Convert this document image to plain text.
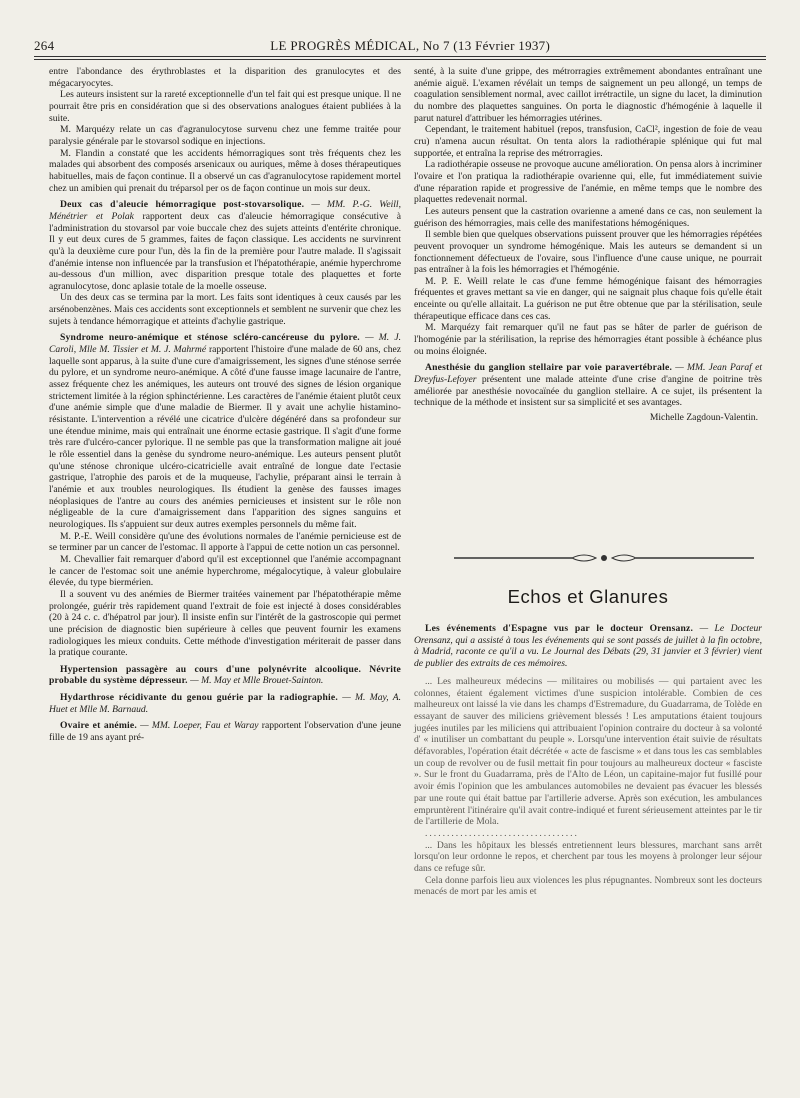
264	LE PROGRÈS MÉDICAL, No 7 (13 Février 1937)

entre l'abondance des érythroblastes et la disparition des granulocytes et des mégacaryocytes.

Les auteurs insistent sur la rareté exceptionnelle d'un tel fait qui est presque unique. Il ne pourrait être pris en considération que si des observations analogues étaient publiées à la suite.

M. Marquézy relate un cas d'agranulocytose survenu chez une femme traitée pour paralysie générale par le stovarsol sodique en injections.

M. Flandin a constaté que les accidents hémorragiques sont très fréquents chez les malades qui absorbent des composés arsenicaux ou auriques, même à doses thérapeutiques habituelles, mais de façon continue. Il a observé un cas d'agranulocytose rapidement mortel chez un amibien qui prenait du tréparsol per os de façon continue un mois sur deux.

Deux cas d'aleucie hémorragique post-stovarsolique. — MM. P.-G. Weill, Ménétrier et Polak rapportent deux cas d'aleucie hémorragique consécutive à l'administration du stovarsol par voie buccale chez des sujets atteints d'entérite chronique. Il y eut deux cures de 5 grammes, faites de façon classique. Les accidents ne survinrent qu'à la deuxième cure pour l'un, dès la fin de la première pour l'autre malade. Il s'agissait d'anémie intense non influencée par la transfusion et l'hépatothérapie, anémie hyperchrome au-dessous d'un million, avec disparition presque totale des plaquettes et forte agranulocytose, donc aplasie totale de la moelle osseuse.

Un des deux cas se termina par la mort. Les faits sont identiques à ceux causés par les arsénobenzènes. Mais ces accidents sont exceptionnels et semblent ne survenir que chez les sujets à tendance hémorragique et atteints d'achylie gastrique.

Syndrome neuro-anémique et sténose scléro-cancéreuse du pylore. — M. J. Caroli, Mlle M. Tissier et M. J. Mahrmé rapportent l'histoire d'une malade de 60 ans, chez laquelle sont apparus, à la suite d'une cure d'amaigrissement, les signes d'une sténose serrée du pylore, et un syndrome neuro-anémique. A côté d'une fausse image lacunaire de l'antre, assez fréquente chez les anémiques, les auteurs ont trouvé des signes de lésion organique strictement limitée à la région sphinctérienne. Les caractères de l'anémie étaient plutôt ceux d'une anémie simple que d'une maladie de Biermer. Il y avait une achylie histamino-résistante. L'intervention a révélé une cicatrice d'ulcère dégénéré dans sa profondeur sur une étendue minime, mais qui entraînait une énorme ectasie gastrique. Il s'agit d'une forme très rare d'ulcéro-cancer pylorique. Il ne semble pas que la transformation maligne ait joué le rôle essentiel dans la genèse du syndrome neuro-anémique. Les auteurs pensent plutôt qu'une sténose chronique ulcéro-cicatricielle avait entraîné de longue date l'ectasie gastrique, l'atrophie des parois et de la muqueuse, l'achylie, préparant ainsi le terrain à l'anémie et aux troubles neurologiques. Ils étudient la genèse des fausses images néoplasiques de l'antre au cours des anémies pernicieuses et insistent sur le rôle non négligeable de la cure d'amaigrissement dans l'apparition des signes sanguins et neurologiques. Ils s'appuient sur deux autres exemples personnels du même fait.

M. P.-E. Weill considère qu'une des évolutions normales de l'anémie pernicieuse est de se terminer par un cancer de l'estomac. Il apporte à l'appui de cette notion un cas personnel.

M. Chevallier fait remarquer d'abord qu'il est exceptionnel que l'anémie accompagnant le cancer de l'estomac soit une anémie hyperchrome, mégalocytique, à valeur globulaire élevée, du type biermérien.

Il a souvent vu des anémies de Biermer traitées vainement par l'hépatothérapie même prolongée, guérir très rapidement quand l'extrait de foie est injecté à doses considérables (20 à 24 c. c. d'hépatrol par jour). Il insiste enfin sur l'intérêt de la gastroscopie qui permet une précision de diagnostic bien supérieure à celles que peuvent fournir les examens radiologiques les mieux conduits. Cette méthode d'investigation mériterait de passer dans la pratique courante.

Hypertension passagère au cours d'une polynévrite alcoolique. Névrite probable du système dépresseur. — M. May et Mlle Brouet-Sainton.

Hydarthrose récidivante du genou guérie par la radiographie. — M. May, A. Huet et Mlle M. Barnaud.

Ovaire et anémie. — MM. Loeper, Fau et Waray rapportent l'observation d'une jeune fille de 19 ans ayant pré-

senté, à la suite d'une grippe, des métrorragies extrêmement abondantes entraînant une anémie aiguë. L'examen révélait un temps de saignement un peu allongé, un temps de coagulation sensiblement normal, avec caillot irrétractile, un signe du lacet, la diminution du nombre des plaquettes sanguines. On porta le diagnostic d'hémogénie à laquelle il parut naturel d'attribuer les hémorragies utérines.

Cependant, le traitement habituel (repos, transfusion, CaCl², ingestion de foie de veau cru) n'amena aucun résultat. On tenta alors la radiothérapie splénique qui fut mal supportée, et entraîna la reprise des métrorragies.

La radiothérapie osseuse ne provoque aucune amélioration. On pensa alors à incriminer l'ovaire et l'on pratiqua la radiothérapie ovarienne qui, elle, fut immédiatement suivie d'une réparation rapide et progressive de l'anémie, en même temps que le nombre des plaquettes redevenait normal.

Les auteurs pensent que la castration ovarienne a amené dans ce cas, non seulement la guérison des hémorragies, mais celle des manifestations hémogéniques.

Il semble bien que quelques observations puissent prouver que les hémorragies répétées peuvent provoquer un syndrome hémogénique. Mais les auteurs se demandent si un fonctionnement défectueux de l'ovaire, sous l'influence d'une cause unique, ne pourrait pas entraîner à la fois les hémorragies et l'hémogénie.

M. P. E. Weill relate le cas d'une femme hémogénique faisant des hémorragies fréquentes et graves mettant sa vie en danger, qui ne saignait plus chaque fois qu'elle était enceinte ou qu'elle allaitait. La guérison ne put être obtenue que par la stérilisation, seule thérapeutique efficace dans ces cas.

M. Marquézy fait remarquer qu'il ne faut pas se hâter de parler de guérison de l'homogénie par la stérilisation, la reprise des hémorragies étant possible à échéance plus ou moins éloignée.

Anesthésie du ganglion stellaire par voie paravertébrale. — MM. Jean Paraf et Dreyfus-Lefoyer présentent une malade atteinte d'une crise d'angine de poitrine très améliorée par anesthésie novocaïnée du ganglion stellaire. A ce sujet, ils présentent la technique de la méthode et insistent sur sa simplicité et ses avantages.

Michelle Zagdoun-Valentin.
Echos et Glanures

Les événements d'Espagne vus par le docteur Orensanz. — Le Docteur Orensanz, qui a assisté à tous les événements qui se sont passés de juillet à la fin octobre, à Madrid, raconte ce qu'il a vu. Le Journal des Débats (29, 31 janvier et 3 février) vient de publier des extraits de ces mémoires.

... Les malheureux médecins — militaires ou mobilisés — qui partaient avec les colonnes, étaient également victimes d'une suspicion intolérable. Combien de ces malheureux ont laissé la vie dans les champs d'Estremadure, du Guadarrama, de Tolède en essayant de sauver des miliciens grièvement blessés ! Les amputations étaient toujours jugées inutiles par les miliciens qui attribuaient l'opinion contraire du docteur à sa volonté d' « inutiliser un combattant du peuple ». Lorsqu'une intervention était suivie de résultats défavorables, l'opération était décrétée « acte de fascisme » et dans tous les cas semblables un coup de revolver ou de fusil mettait fin pour toujours au malheureux docteur « fasciste ». Sur le front du Guadarrama, près de l'Alto de Léon, un capitaine-major fut fusillé pour avoir émis l'opinion que les ambulances automobiles ne devaient pas évacuer les blessés par une route qui était battue par l'artillerie adverse. Après son exécution, les ambulances empruntèrent l'itinéraire qu'il avait contre-indiqué et furent sérieusement atteintes par le tir de l'artillerie de Mola.

...................................

... Dans les hôpitaux les blessés entretiennent leurs blessures, marchant sans arrêt lorsqu'on leur ordonne le repos, et cherchent par tous les moyens à prolonger leur séjour dans ce refuge sûr.

Cela donne parfois lieu aux violences les plus répugnantes. Nombreux sont les docteurs menacés de mort par les amis et
